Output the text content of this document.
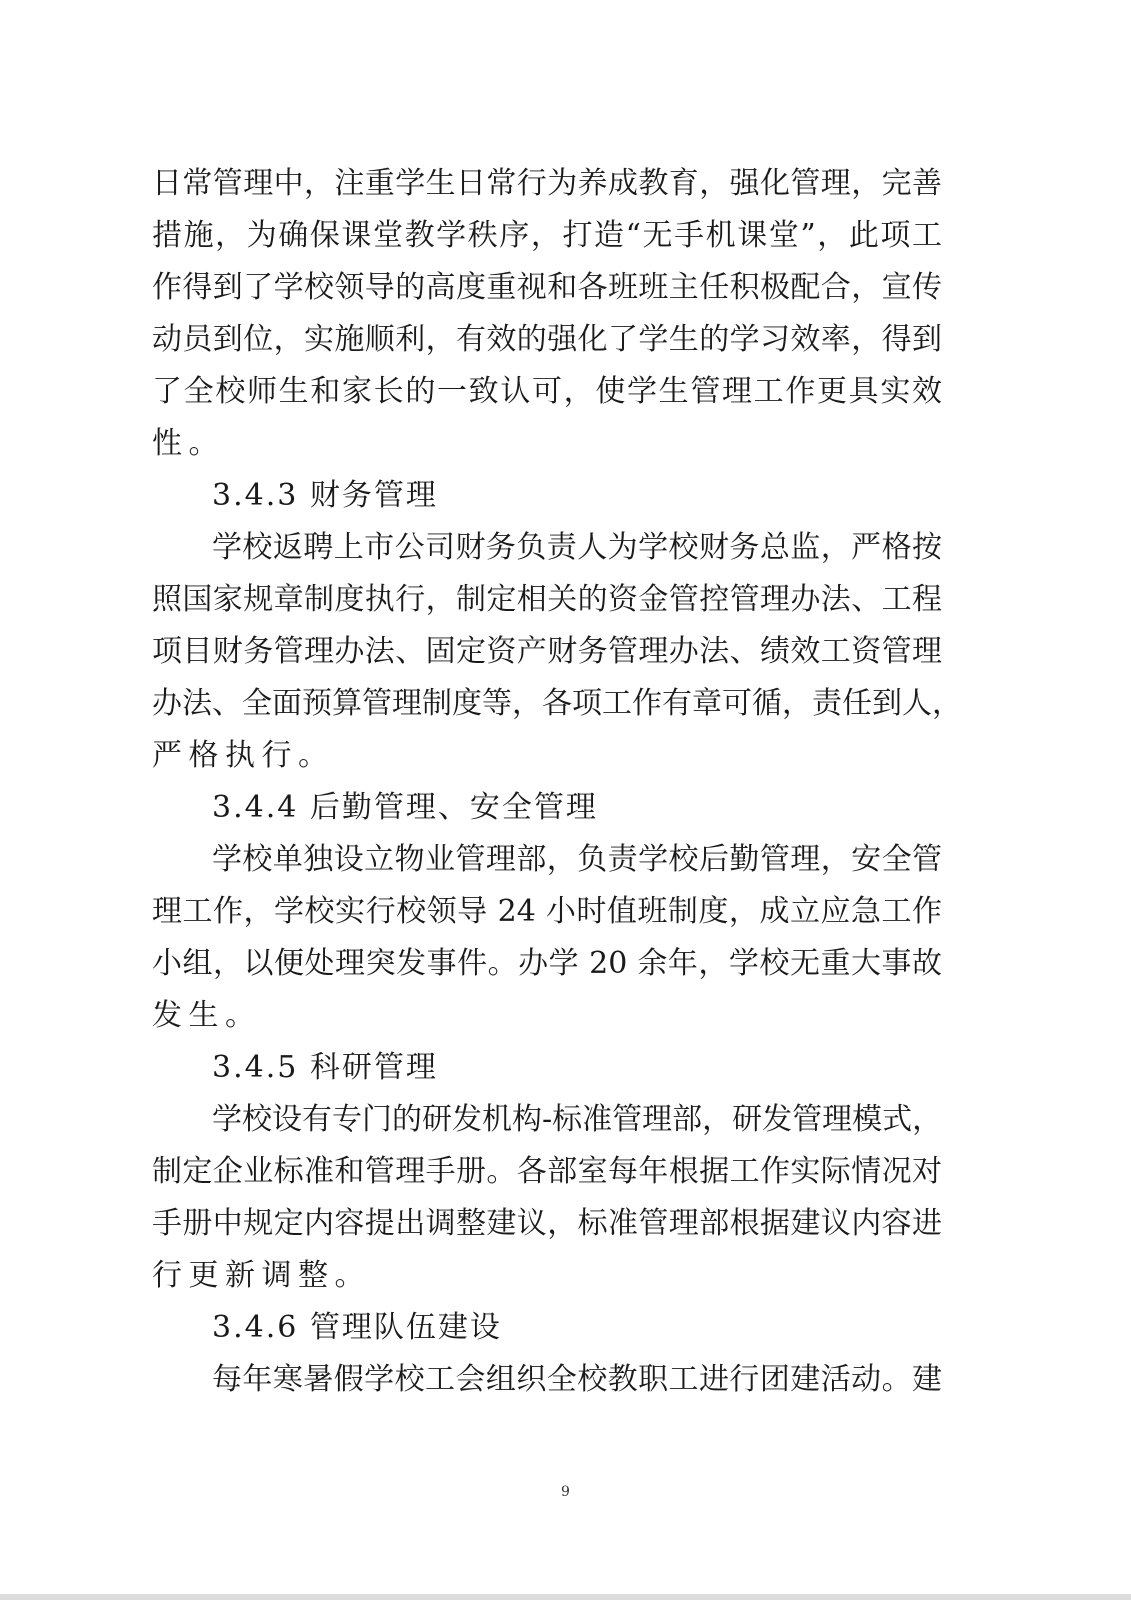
日常管理中，注重学生日常行为养成教育，强化管理，完善
措施，为确保课堂教学秩序，打造“无手机课堂”，此项工
作得到了学校领导的高度重视和各班班主任积极配合，宣传
动员到位，实施顺利，有效的强化了学生的学习效率，得到
了全校师生和家长的一致认可，使学生管理工作更具实效
性。
3.4.3 财务管理
学校返聘上市公司财务负责人为学校财务总监，严格按
照国家规章制度执行，制定相关的资金管控管理办法、工程
项目财务管理办法、固定资产财务管理办法、绩效工资管理
办法、全面预算管理制度等，各项工作有章可循，责任到人，
严格执行。
3.4.4 后勤管理、安全管理
学校单独设立物业管理部，负责学校后勤管理，安全管
理工作，学校实行校领导 24 小时值班制度，成立应急工作
小组，以便处理突发事件。办学 20 余年，学校无重大事故
发生。
3.4.5 科研管理
学校设有专门的研发机构-标准管理部，研发管理模式，
制定企业标准和管理手册。各部室每年根据工作实际情况对
手册中规定内容提出调整建议，标准管理部根据建议内容进
行更新调整。
3.4.6 管理队伍建设
每年寒暑假学校工会组织全校教职工进行团建活动。建
9
